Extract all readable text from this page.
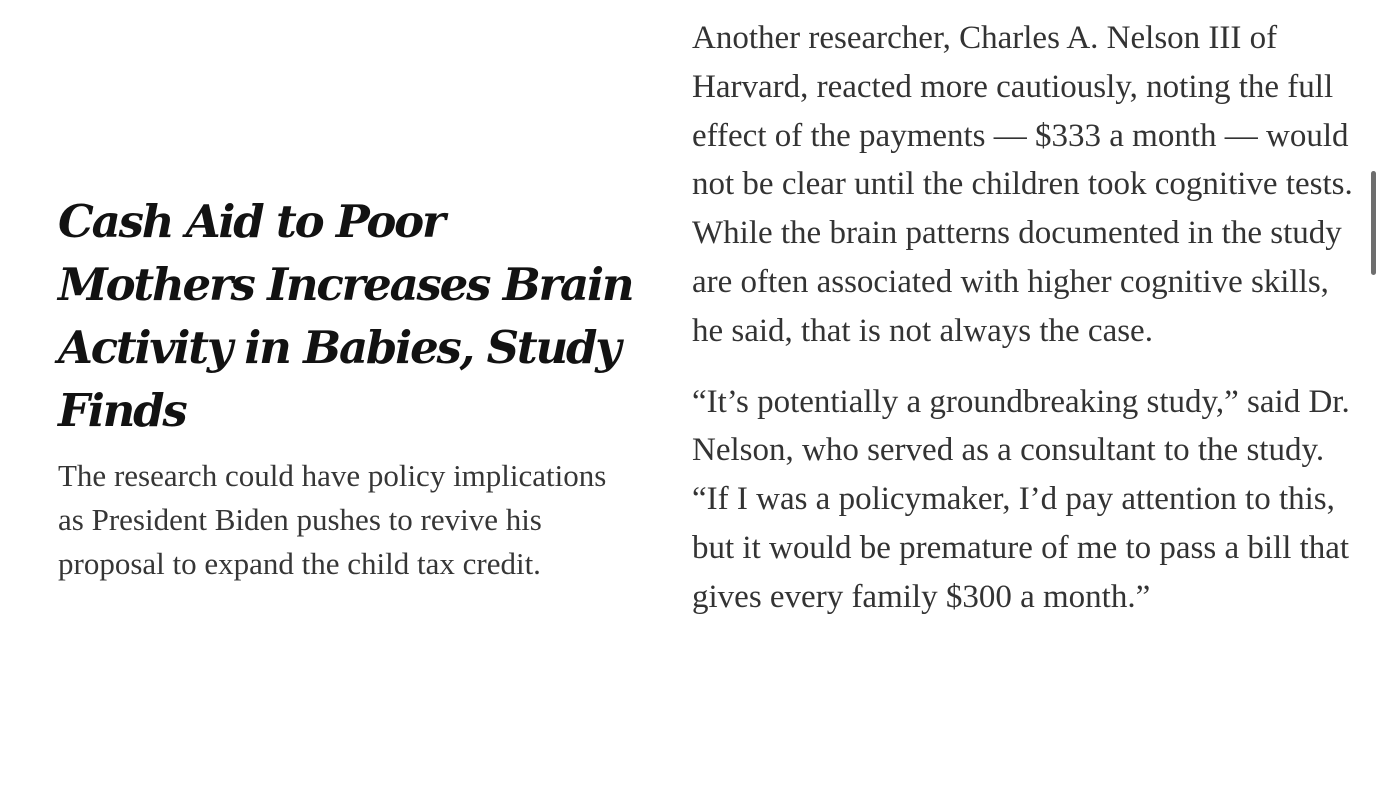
Cash Aid to Poor Mothers Increases Brain Activity in Babies, Study Finds

The research could have policy implications as President Biden pushes to revive his proposal to expand the child tax credit.

Another researcher, Charles A. Nelson III of Harvard, reacted more cautiously, noting the full effect of the payments — $333 a month — would not be clear until the children took cognitive tests. While the brain patterns documented in the study are often associated with higher cognitive skills, he said, that is not always the case.

“It’s potentially a groundbreaking study,” said Dr. Nelson, who served as a consultant to the study. “If I was a policymaker, I’d pay attention to this, but it would be premature of me to pass a bill that gives every family $300 a month.”
